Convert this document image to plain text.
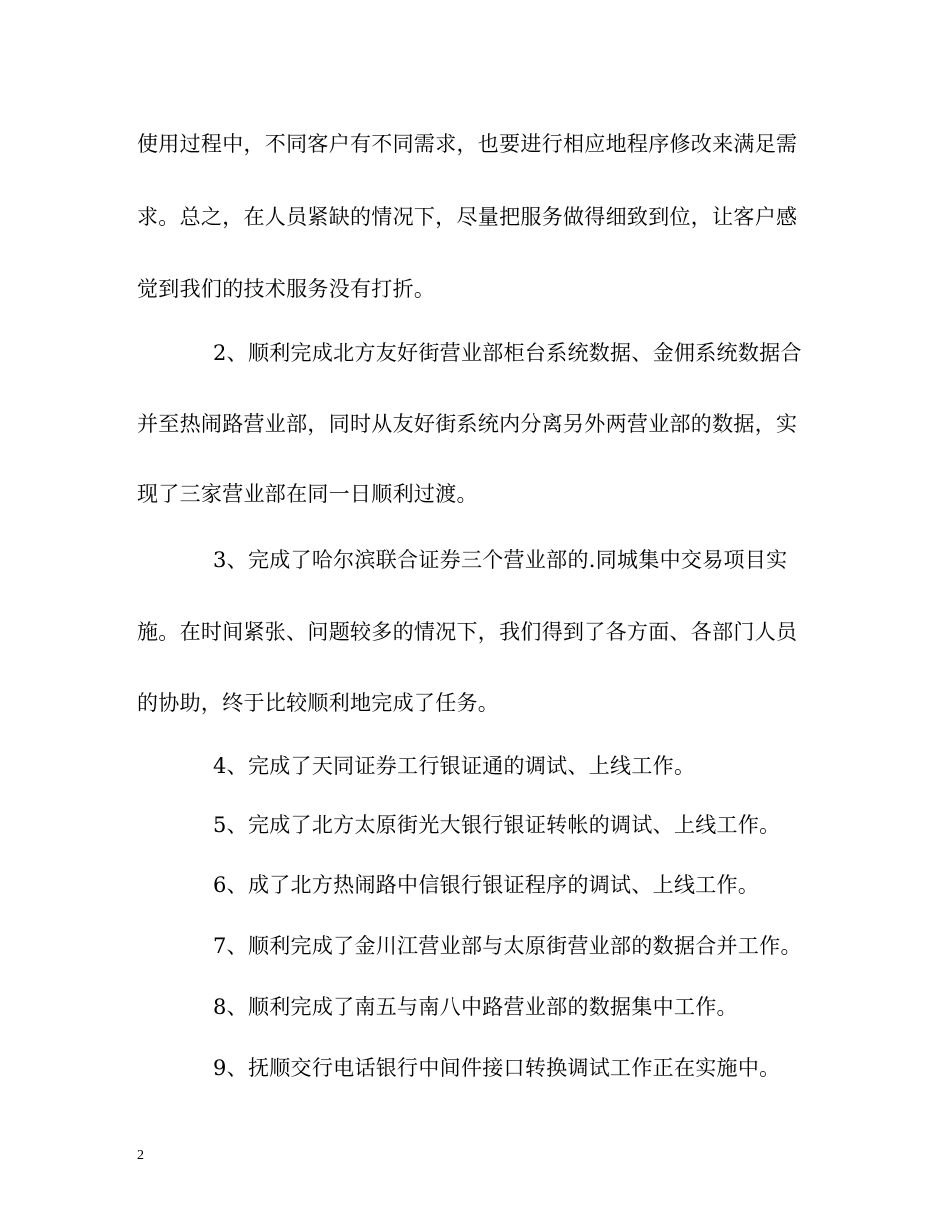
使用过程中，不同客户有不同需求，也要进行相应地程序修改来满足需
求。总之，在人员紧缺的情况下，尽量把服务做得细致到位，让客户感
觉到我们的技术服务没有打折。
2、顺利完成北方友好街营业部柜台系统数据、金佣系统数据合
并至热闹路营业部，同时从友好街系统内分离另外两营业部的数据，实
现了三家营业部在同一日顺利过渡。
3、完成了哈尔滨联合证券三个营业部的.同城集中交易项目实
施。在时间紧张、问题较多的情况下，我们得到了各方面、各部门人员
的协助，终于比较顺利地完成了任务。
4、完成了天同证券工行银证通的调试、上线工作。
5、完成了北方太原街光大银行银证转帐的调试、上线工作。
6、成了北方热闹路中信银行银证程序的调试、上线工作。
7、顺利完成了金川江营业部与太原街营业部的数据合并工作。
8、顺利完成了南五与南八中路营业部的数据集中工作。
9、抚顺交行电话银行中间件接口转换调试工作正在实施中。
2
